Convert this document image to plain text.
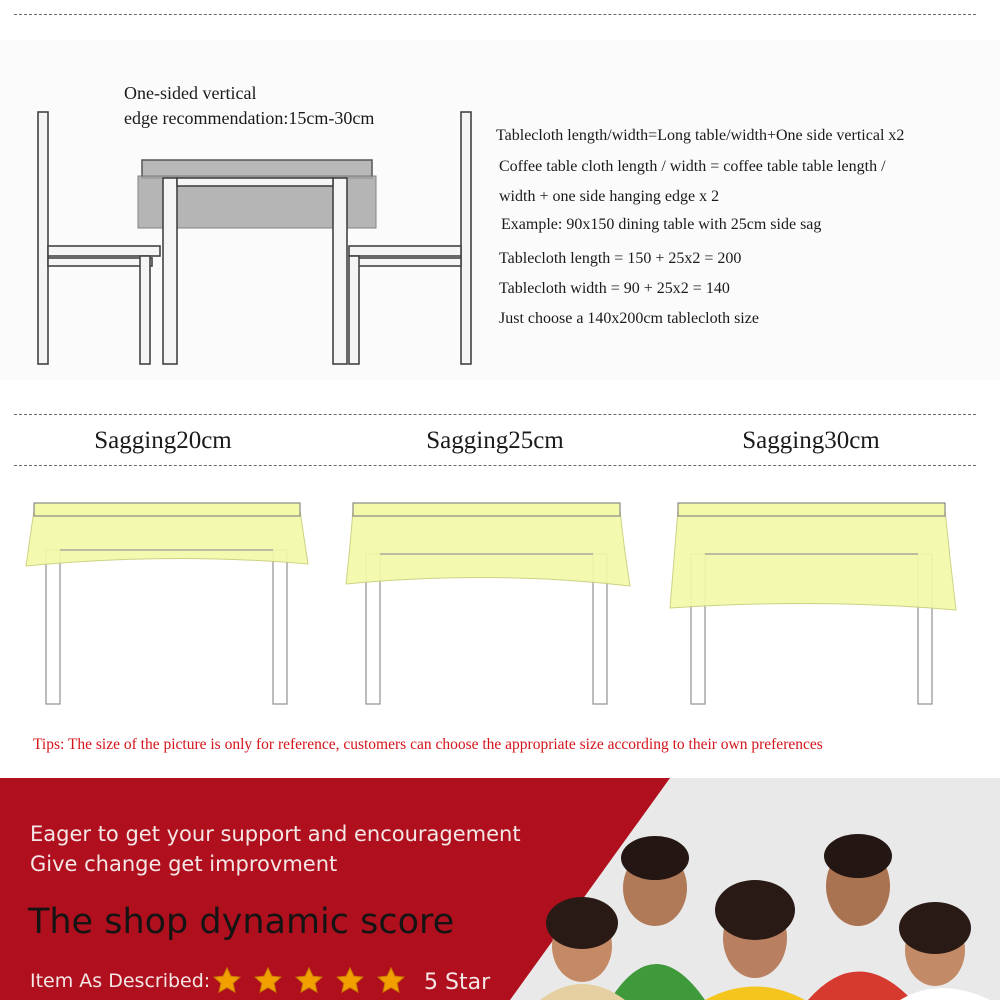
One-sided vertical
edge recommendation:15cm-30cm
Tablecloth length/width=Long table/width+One side vertical x2
Coffee table cloth length / width = coffee table table length /
width + one side hanging edge x 2
Example: 90x150 dining table with 25cm side sag
Tablecloth length = 150 + 25x2 = 200
Tablecloth width = 90 + 25x2 = 140
Just choose a 140x200cm tablecloth size
Sagging20cm	Sagging25cm	Sagging30cm
Tips: The size of the picture is only for reference, customers can choose the appropriate size according to their own preferences
Eager to get your support and encouragement
Give change get improvment
The shop dynamic score
Item As Described:	5 Star
